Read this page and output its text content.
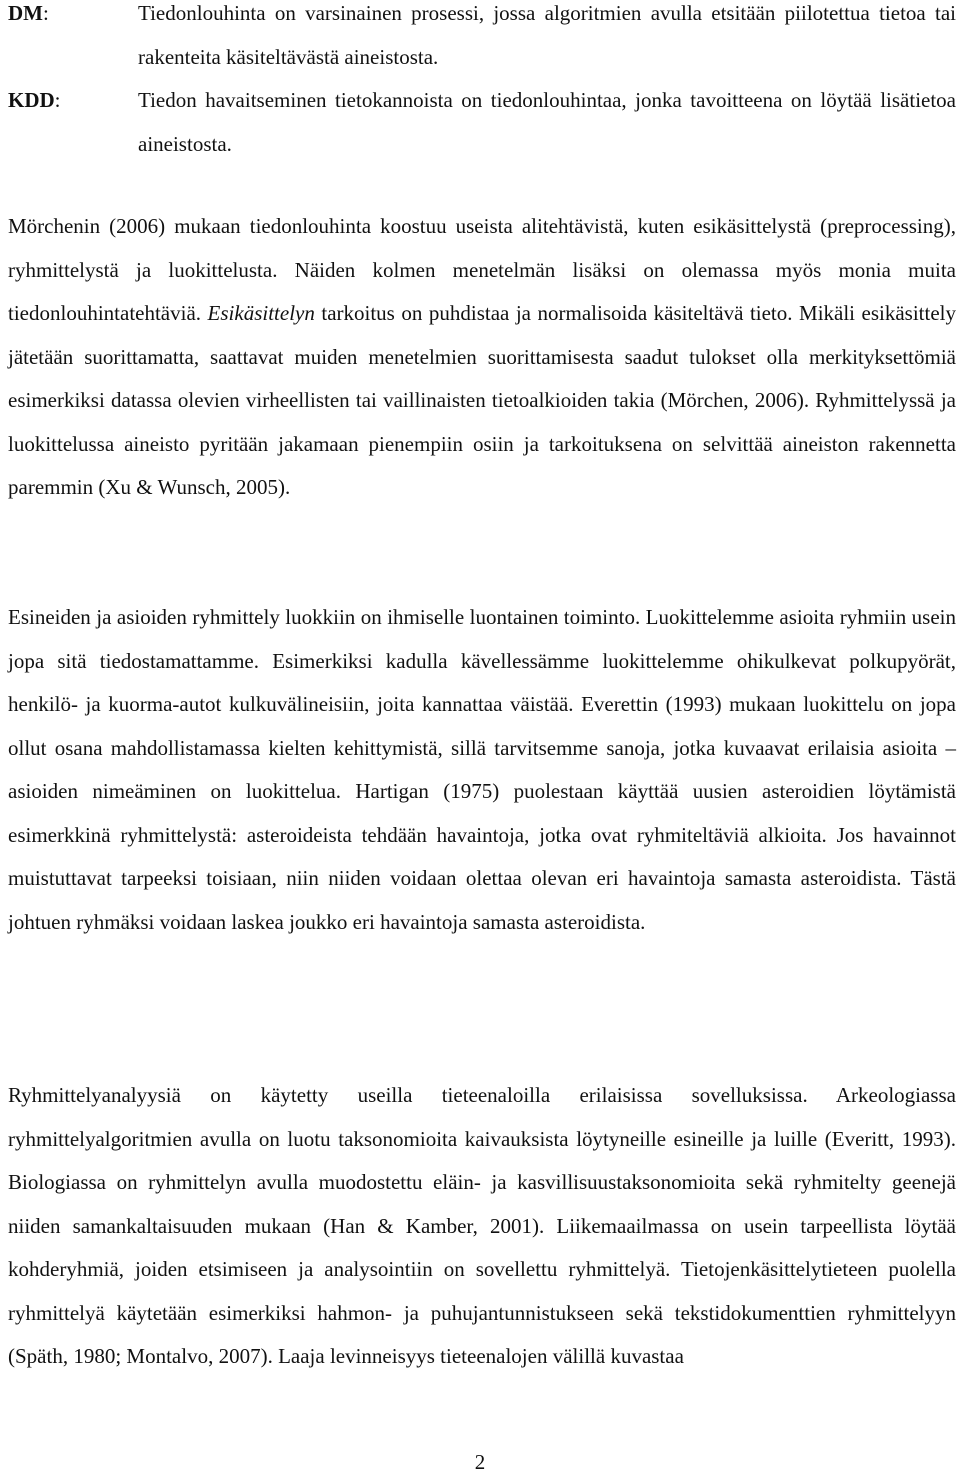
DM:	Tiedonlouhinta on varsinainen prosessi, jossa algoritmien avulla etsitään piilotettua tietoa tai rakenteita käsiteltävästä aineistosta.
KDD:	Tiedon havaitseminen tietokannoista on tiedonlouhintaa, jonka tavoitteena on löytää lisätietoa aineistosta.

Mörchenin (2006) mukaan tiedonlouhinta koostuu useista alitehtävistä, kuten esikäsittelystä (preprocessing), ryhmittelystä ja luokittelusta. Näiden kolmen menetelmän lisäksi on olemassa myös monia muita tiedonlouhintatehtäviä. Esikäsittelyn tarkoitus on puhdistaa ja normalisoida käsiteltävä tieto. Mikäli esikäsittely jätetään suorittamatta, saattavat muiden menetelmien suorittamisesta saadut tulokset olla merkityksettömiä esimerkiksi datassa olevien virheellisten tai vaillinaisten tietoalkioiden takia (Mörchen, 2006). Ryhmittelyssä ja luokittelussa aineisto pyritään jakamaan pienempiin osiin ja tarkoituksena on selvittää aineiston rakennetta paremmin (Xu & Wunsch, 2005).

Esineiden ja asioiden ryhmittely luokkiin on ihmiselle luontainen toiminto. Luokittelemme asioita ryhmiin usein jopa sitä tiedostamattamme. Esimerkiksi kadulla kävellessämme luokittelemme ohikulkevat polkupyörät, henkilö- ja kuorma-autot kulkuvälineisiin, joita kannattaa väistää. Everettin (1993) mukaan luokittelu on jopa ollut osana mahdollistamassa kielten kehittymistä, sillä tarvitsemme sanoja, jotka kuvaavat erilaisia asioita – asioiden nimeäminen on luokittelua. Hartigan (1975) puolestaan käyttää uusien asteroidien löytämistä esimerkkinä ryhmittelystä: asteroideista tehdään havaintoja, jotka ovat ryhmiteltäviä alkioita. Jos havainnot muistuttavat tarpeeksi toisiaan, niin niiden voidaan olettaa olevan eri havaintoja samasta asteroidista. Tästä johtuen ryhmäksi voidaan laskea joukko eri havaintoja samasta asteroidista.

Ryhmittelyanalyysiä on käytetty useilla tieteenaloilla erilaisissa sovelluksissa. Arkeologiassa ryhmittelyalgoritmien avulla on luotu taksonomioita kaivauksista löytyneille esineille ja luille (Everitt, 1993). Biologiassa on ryhmittelyn avulla muodostettu eläin- ja kasvillisuustaksonomioita sekä ryhmitelty geenejä niiden samankaltaisuuden mukaan (Han & Kamber, 2001). Liikemaailmassa on usein tarpeellista löytää kohderyhmiä, joiden etsimiseen ja analysointiin on sovellettu ryhmittelyä. Tietojenkäsittelytieteen puolella ryhmittelyä käytetään esimerkiksi hahmon- ja puhujantunnistukseen sekä tekstidokumenttien ryhmittelyyn (Späth, 1980; Montalvo, 2007). Laaja levinneisyys tieteenalojen välillä kuvastaa

2
